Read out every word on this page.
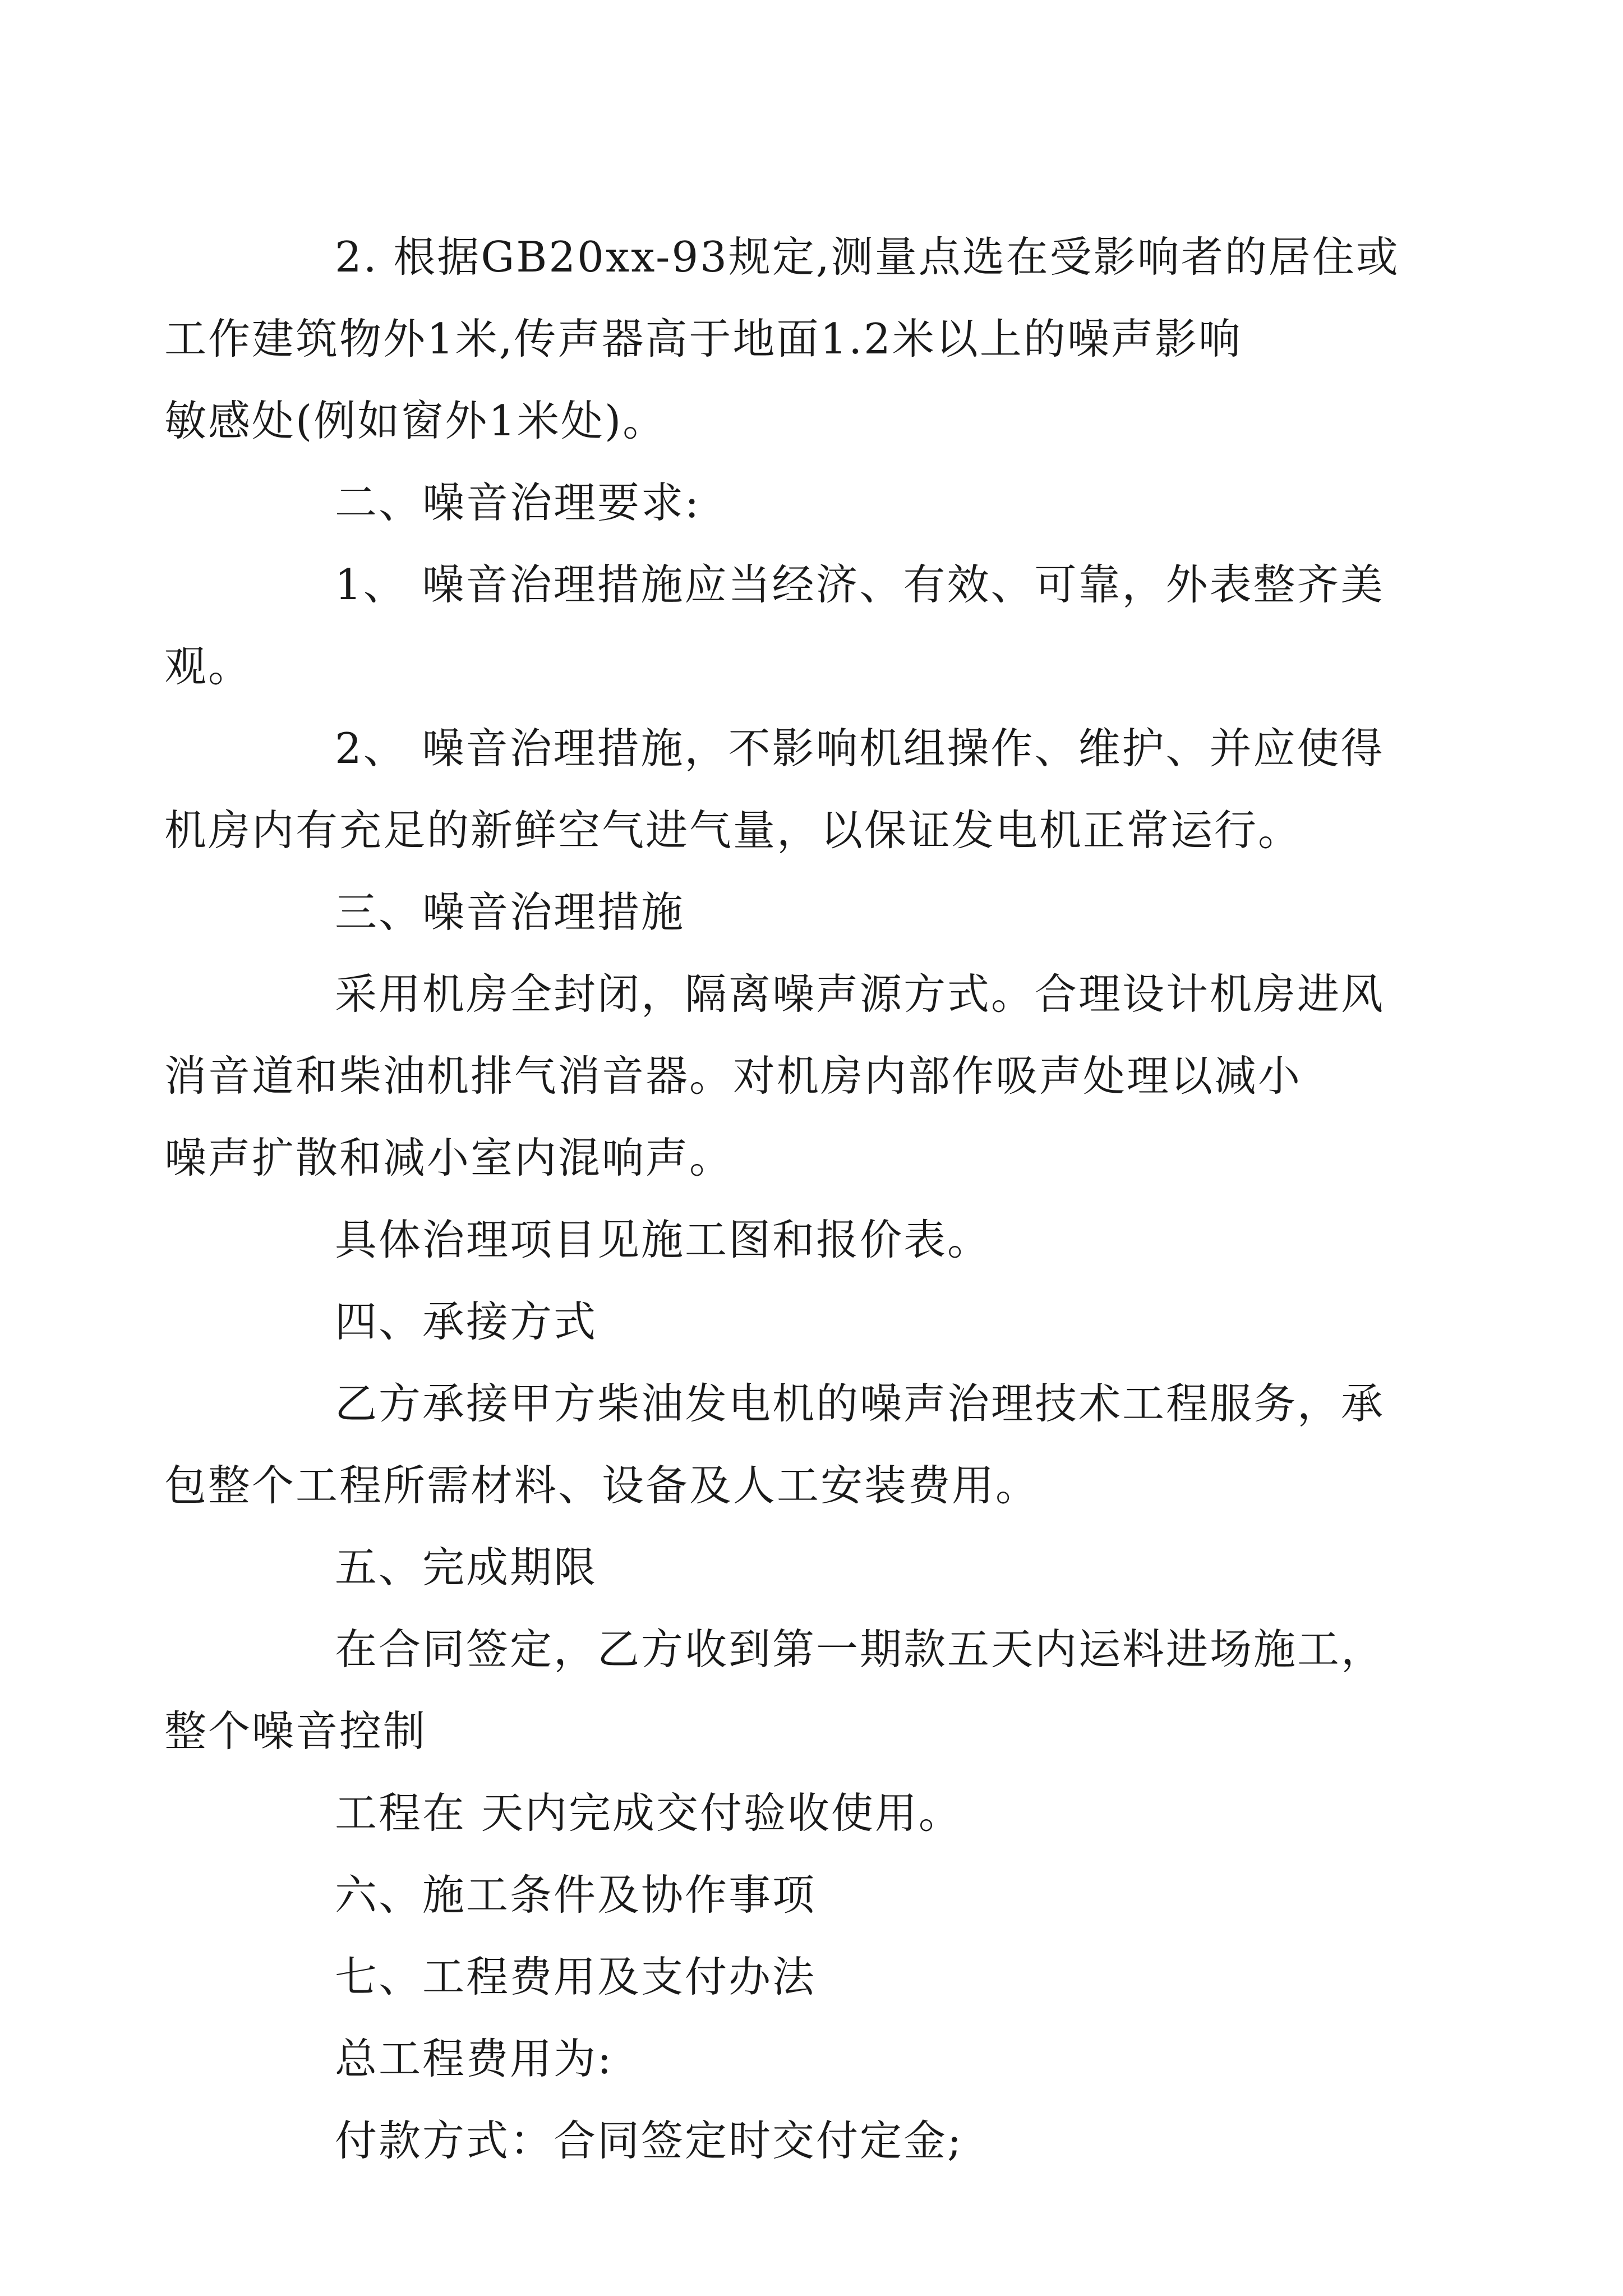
2. 根据GB20xx-93规定,测量点选在受影响者的居住或
工作建筑物外1米,传声器高于地面1.2米以上的噪声影响
敏感处(例如窗外1米处)。

二、噪音治理要求:

1、 噪音治理措施应当经济、有效、可靠，外表整齐美
观。

2、 噪音治理措施，不影响机组操作、维护、并应使得
机房内有充足的新鲜空气进气量，以保证发电机正常运行。

三、噪音治理措施

采用机房全封闭，隔离噪声源方式。合理设计机房进风
消音道和柴油机排气消音器。对机房内部作吸声处理以减小
噪声扩散和减小室内混响声。

具体治理项目见施工图和报价表。

四、承接方式

乙方承接甲方柴油发电机的噪声治理技术工程服务，承
包整个工程所需材料、设备及人工安装费用。

五、完成期限

在合同签定，乙方收到第一期款五天内运料进场施工，
整个噪音控制

工程在 天内完成交付验收使用。

六、施工条件及协作事项

七、工程费用及支付办法

总工程费用为:

付款方式：合同签定时交付定金;
